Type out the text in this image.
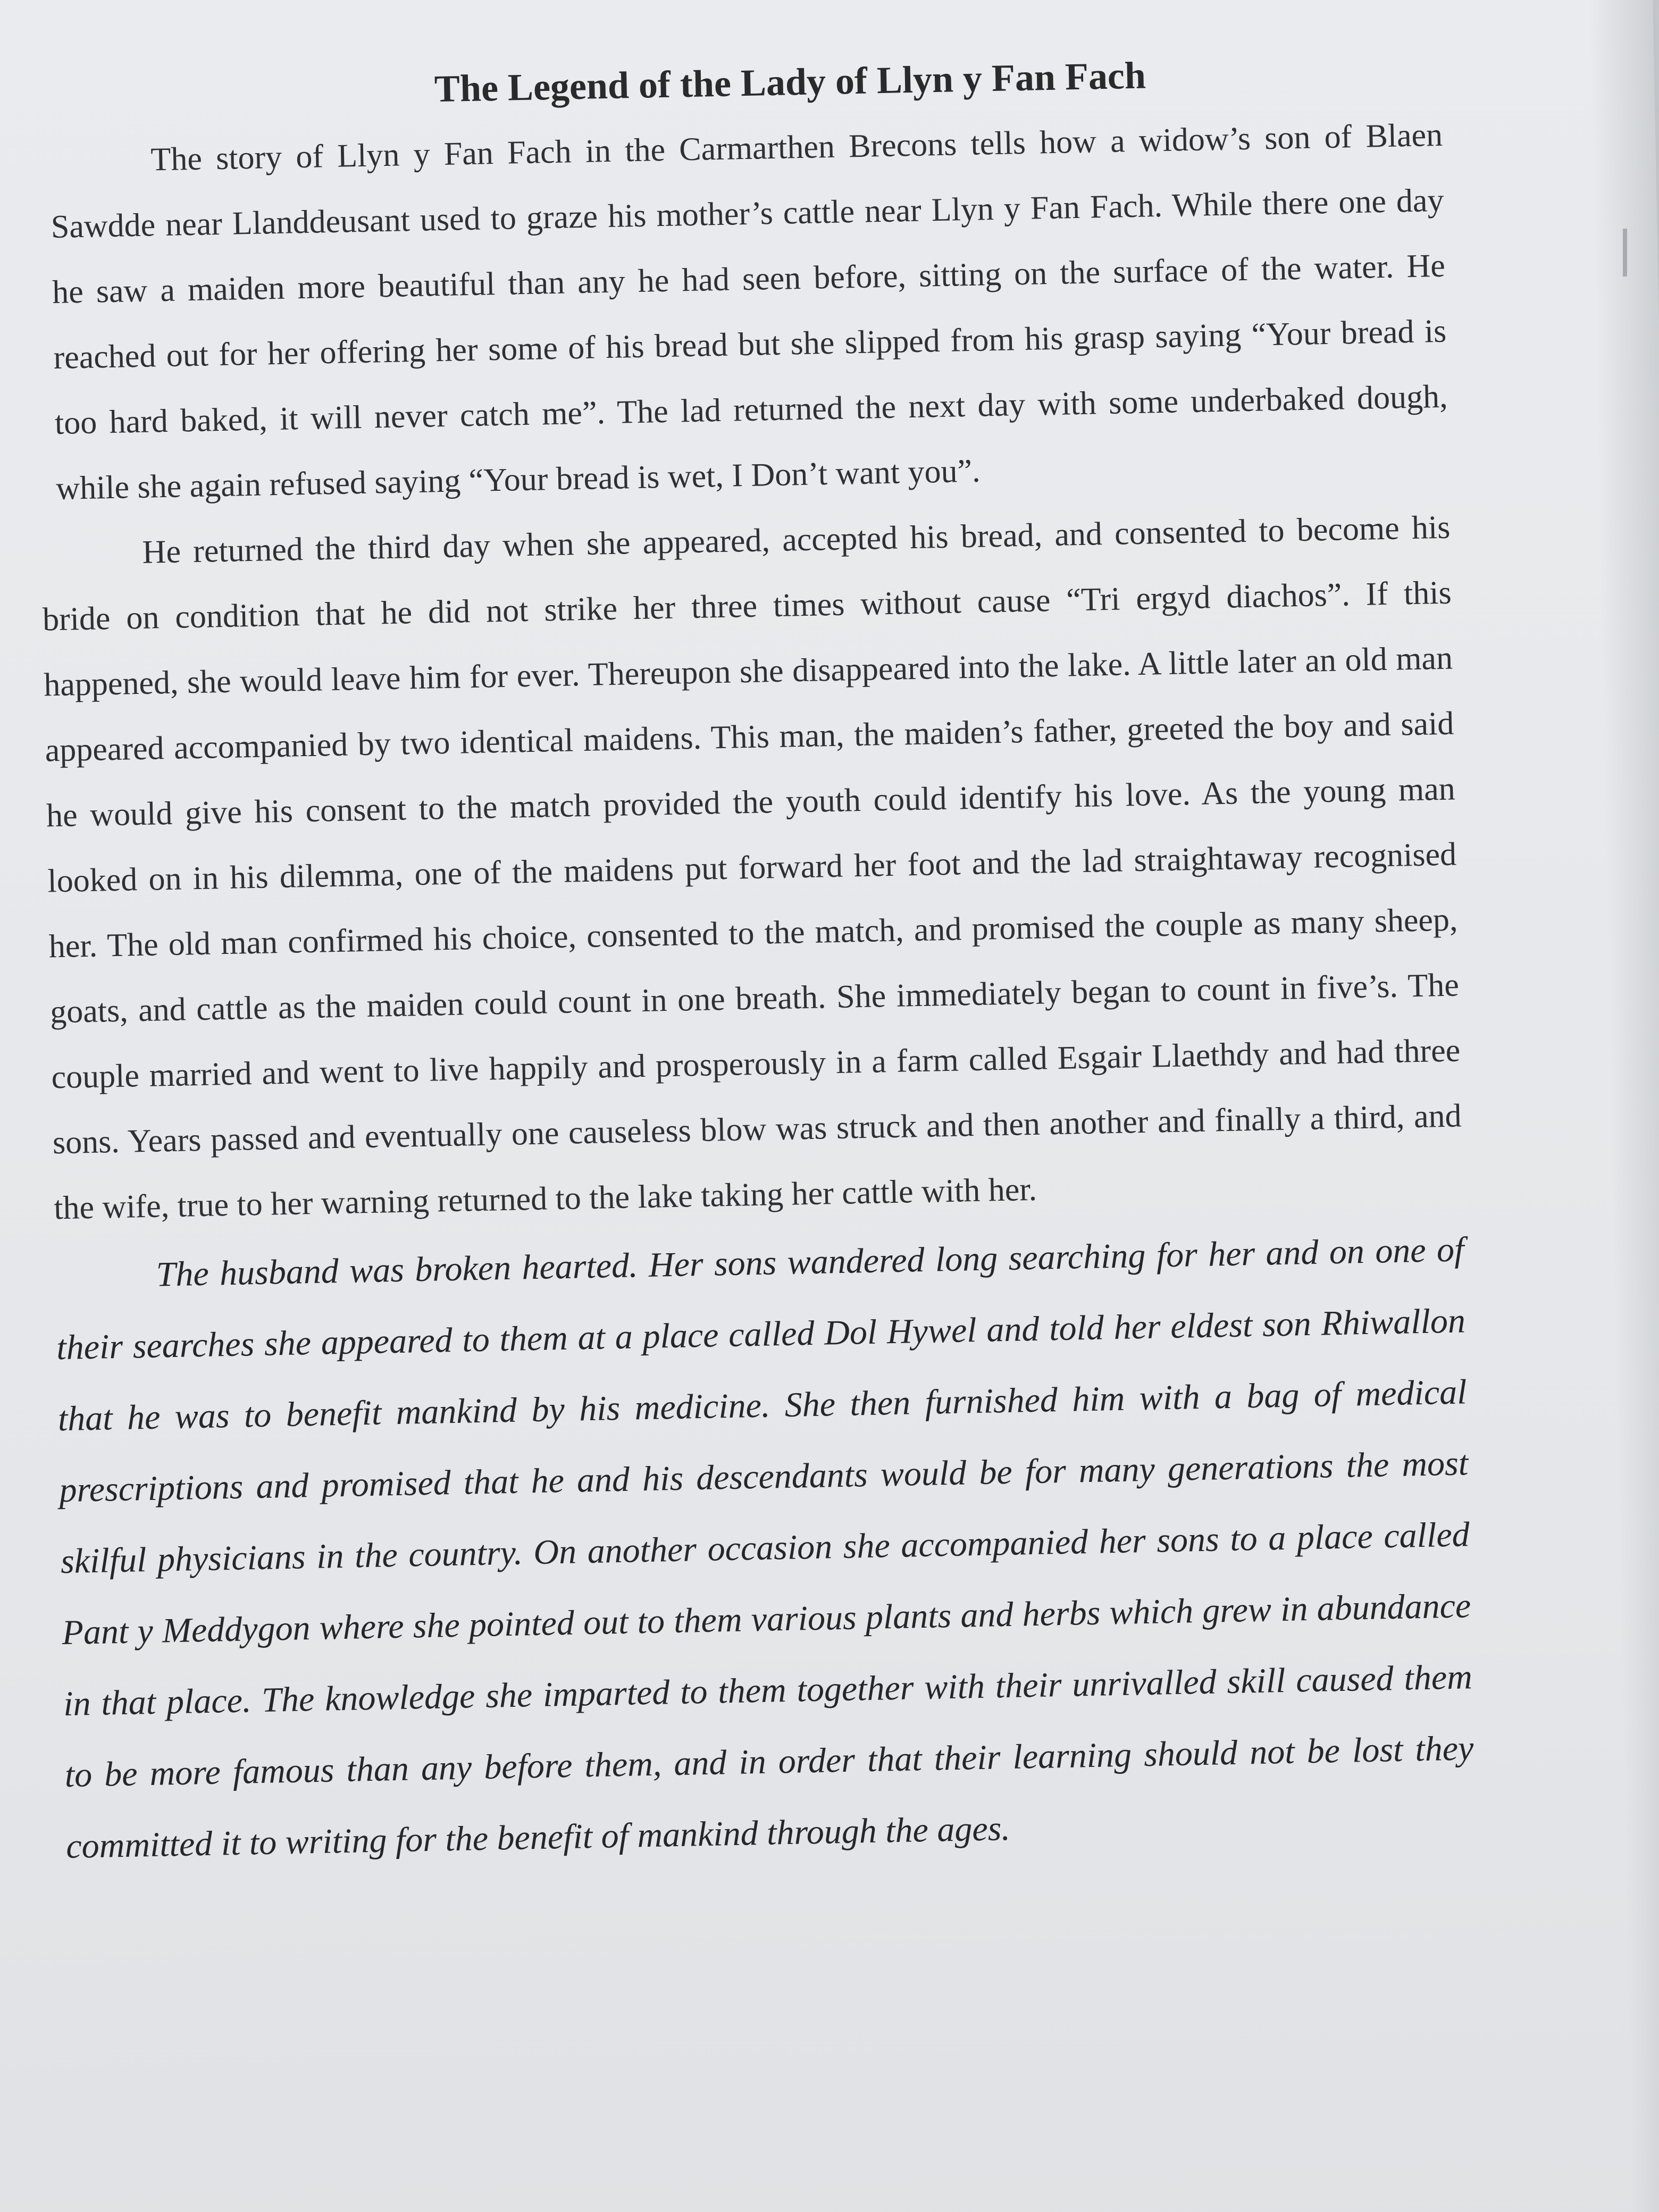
The Legend of the Lady of Llyn y Fan Fach

The story of Llyn y Fan Fach in the Carmarthen Brecons tells how a widow’s son of Blaen Sawdde near Llanddeusant used to graze his mother’s cattle near Llyn y Fan Fach. While there one day he saw a maiden more beautiful than any he had seen before, sitting on the surface of the water. He reached out for her offering her some of his bread but she slipped from his grasp saying “Your bread is too hard baked, it will never catch me”. The lad returned the next day with some underbaked dough, while she again refused saying “Your bread is wet, I Don’t want you”.

He returned the third day when she appeared, accepted his bread, and consented to become his bride on condition that he did not strike her three times without cause “Tri ergyd diachos”. If this happened, she would leave him for ever. Thereupon she disappeared into the lake. A little later an old man appeared accompanied by two identical maidens. This man, the maiden’s father, greeted the boy and said he would give his consent to the match provided the youth could identify his love. As the young man looked on in his dilemma, one of the maidens put forward her foot and the lad straightaway recognised her. The old man confirmed his choice, consented to the match, and promised the couple as many sheep, goats, and cattle as the maiden could count in one breath. She immediately began to count in five’s. The couple married and went to live happily and prosperously in a farm called Esgair Llaethdy and had three sons. Years passed and eventually one causeless blow was struck and then another and finally a third, and the wife, true to her warning returned to the lake taking her cattle with her.

The husband was broken hearted. Her sons wandered long searching for her and on one of their searches she appeared to them at a place called Dol Hywel and told her eldest son Rhiwallon that he was to benefit mankind by his medicine. She then furnished him with a bag of medical prescriptions and promised that he and his descendants would be for many generations the most skilful physicians in the country. On another occasion she accompanied her sons to a place called Pant y Meddygon where she pointed out to them various plants and herbs which grew in abundance in that place. The knowledge she imparted to them together with their unrivalled skill caused them to be more famous than any before them, and in order that their learning should not be lost they committed it to writing for the benefit of mankind through the ages.
